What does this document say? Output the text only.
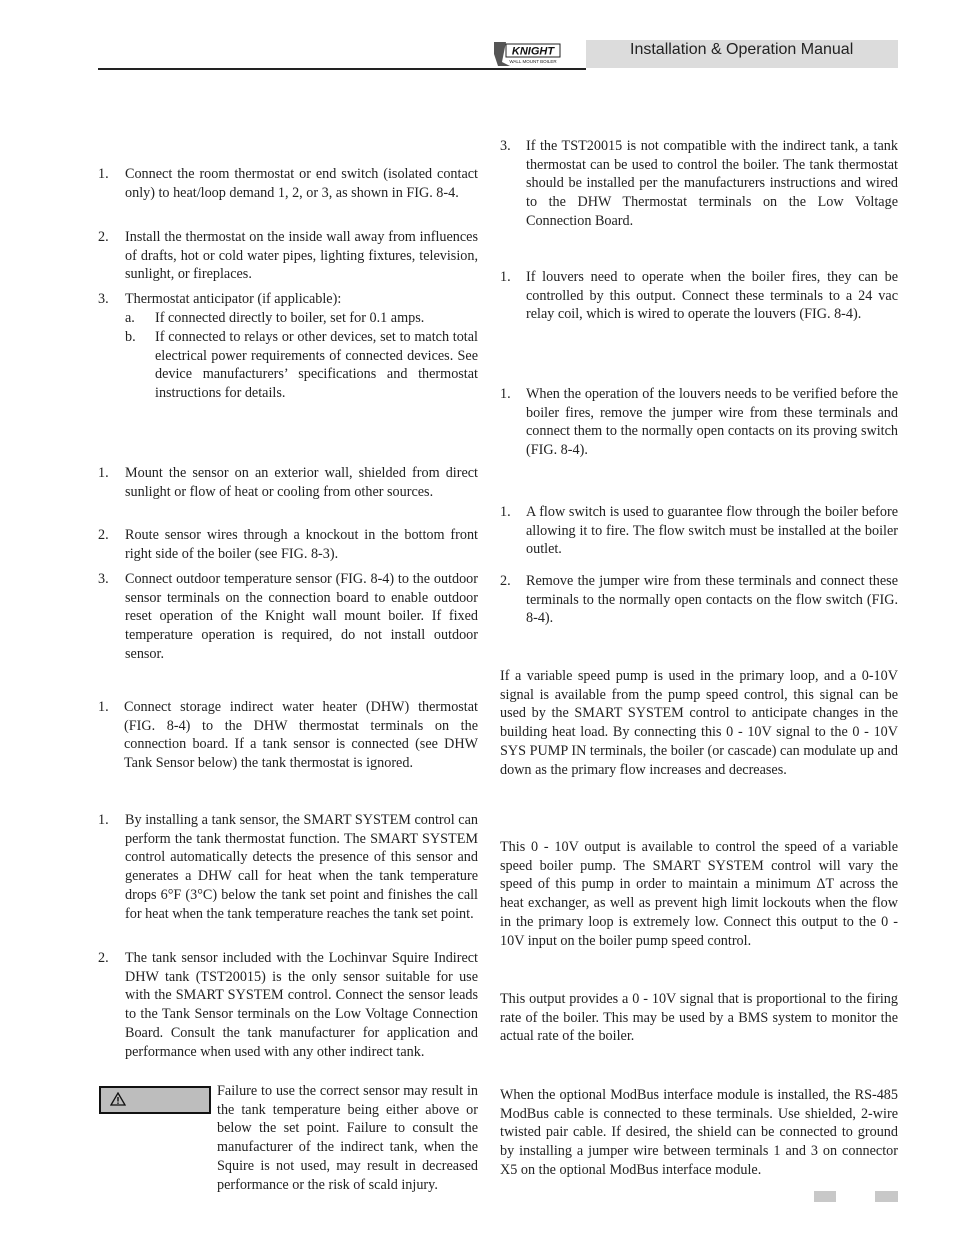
Installation & Operation Manual
KNIGHT
WALL MOUNT BOILER
1. Connect the room thermostat or end switch (isolated contact only) to heat/loop demand 1, 2, or 3, as shown in FIG. 8-4.
2. Install the thermostat on the inside wall away from influences of drafts, hot or cold water pipes, lighting fixtures, television, sunlight, or fireplaces.
3. Thermostat anticipator (if applicable):
a. If connected directly to boiler, set for 0.1 amps.
b. If connected to relays or other devices, set to match total electrical power requirements of connected devices. See device manufacturers’ specifications and thermostat instructions for details.
1. Mount the sensor on an exterior wall, shielded from direct sunlight or flow of heat or cooling from other sources.
2. Route sensor wires through a knockout in the bottom front right side of the boiler (see FIG. 8-3).
3. Connect outdoor temperature sensor (FIG. 8-4) to the outdoor sensor terminals on the connection board to enable outdoor reset operation of the Knight wall mount boiler. If fixed temperature operation is required, do not install outdoor sensor.
1. Connect storage indirect water heater (DHW) thermostat (FIG. 8-4) to the DHW thermostat terminals on the connection board. If a tank sensor is connected (see DHW Tank Sensor below) the tank thermostat is ignored.
1. By installing a tank sensor, the SMART SYSTEM control can perform the tank thermostat function. The SMART SYSTEM control automatically detects the presence of this sensor and generates a DHW call for heat when the tank temperature drops 6°F (3°C) below the tank set point and finishes the call for heat when the tank temperature reaches the tank set point.
2. The tank sensor included with the Lochinvar Squire Indirect DHW tank (TST20015) is the only sensor suitable for use with the SMART SYSTEM control. Connect the sensor leads to the Tank Sensor terminals on the Low Voltage Connection Board. Consult the tank manufacturer for application and performance when used with any other indirect tank.
Failure to use the correct sensor may result in the tank temperature being either above or below the set point. Failure to consult the manufacturer of the indirect tank, when the Squire is not used, may result in decreased performance or the risk of scald injury.
3. If the TST20015 is not compatible with the indirect tank, a tank thermostat can be used to control the boiler. The tank thermostat should be installed per the manufacturers instructions and wired to the DHW Thermostat terminals on the Low Voltage Connection Board.
1. If louvers need to operate when the boiler fires, they can be controlled by this output. Connect these terminals to a 24 vac relay coil, which is wired to operate the louvers (FIG. 8-4).
1. When the operation of the louvers needs to be verified before the boiler fires, remove the jumper wire from these terminals and connect them to the normally open contacts on its proving switch (FIG. 8-4).
1. A flow switch is used to guarantee flow through the boiler before allowing it to fire. The flow switch must be installed at the boiler outlet.
2. Remove the jumper wire from these terminals and connect these terminals to the normally open contacts on the flow switch (FIG. 8-4).
If a variable speed pump is used in the primary loop, and a 0-10V signal is available from the pump speed control, this signal can be used by the SMART SYSTEM control to anticipate changes in the building heat load. By connecting this 0 - 10V signal to the 0 - 10V SYS PUMP IN terminals, the boiler (or cascade) can modulate up and down as the primary flow increases and decreases.
This 0 - 10V output is available to control the speed of a variable speed boiler pump. The SMART SYSTEM control will vary the speed of this pump in order to maintain a minimum ΔT across the heat exchanger, as well as prevent high limit lockouts when the flow in the primary loop is extremely low. Connect this output to the 0 - 10V input on the boiler pump speed control.
This output provides a 0 - 10V signal that is proportional to the firing rate of the boiler. This may be used by a BMS system to monitor the actual rate of the boiler.
When the optional ModBus interface module is installed, the RS-485 ModBus cable is connected to these terminals. Use shielded, 2-wire twisted pair cable. If desired, the shield can be connected to ground by installing a jumper wire between terminals 1 and 3 on connector X5 on the optional ModBus interface module.
